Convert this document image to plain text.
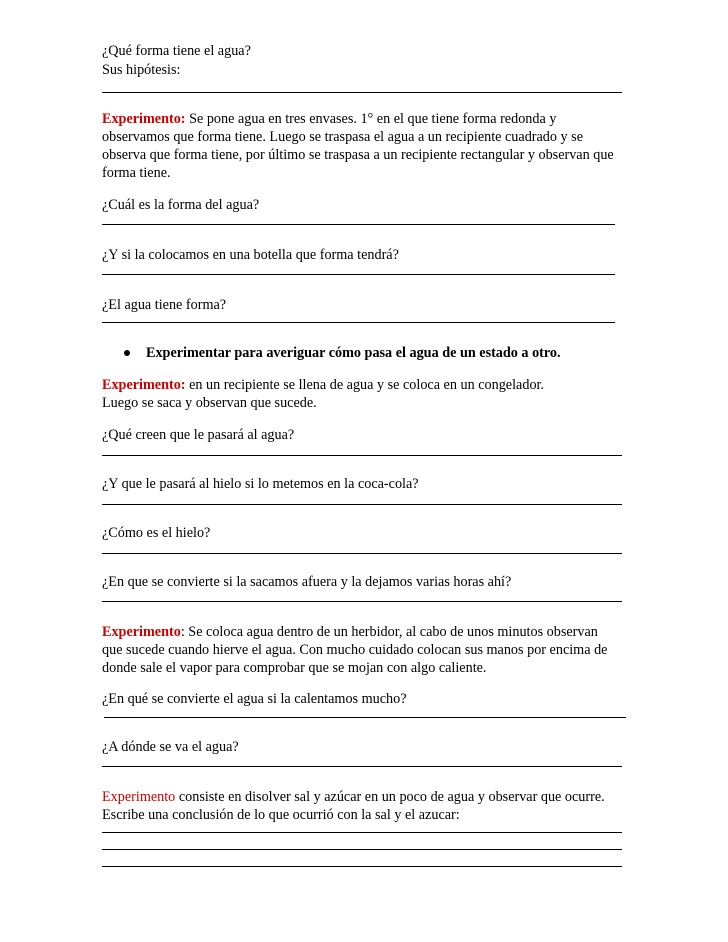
¿Qué forma tiene el agua?
Sus hipótesis:
Experimento: Se pone agua en tres envases. 1° en el que tiene forma redonda y
observamos que forma tiene. Luego se traspasa el agua a un recipiente cuadrado y se
observa que forma tiene, por último se traspasa a un recipiente rectangular y observan que
forma tiene.
¿Cuál es la forma del agua?
¿Y si la colocamos en una botella que forma tendrá?
¿El agua tiene forma?
Experimentar para averiguar cómo pasa el agua de un estado a otro.
Experimento: en un recipiente se llena de agua y se coloca en un congelador.
Luego se saca y observan que sucede.
¿Qué creen que le pasará al agua?
¿Y que le pasará al hielo si lo metemos en la coca-cola?
¿Cómo es el hielo?
¿En que se convierte si la sacamos afuera y la dejamos varias horas ahí?
Experimento: Se coloca agua dentro de un herbidor, al cabo de unos minutos observan
que sucede cuando hierve el agua. Con mucho cuidado colocan sus manos por encima de
donde sale el vapor para comprobar que se mojan con algo caliente.
¿En qué se convierte el agua si la calentamos mucho?
¿A dónde se va el agua?
Experimento consiste en disolver sal y azúcar en un poco de agua y observar que ocurre.
Escribe una conclusión de lo que ocurrió con la sal y el azucar:
